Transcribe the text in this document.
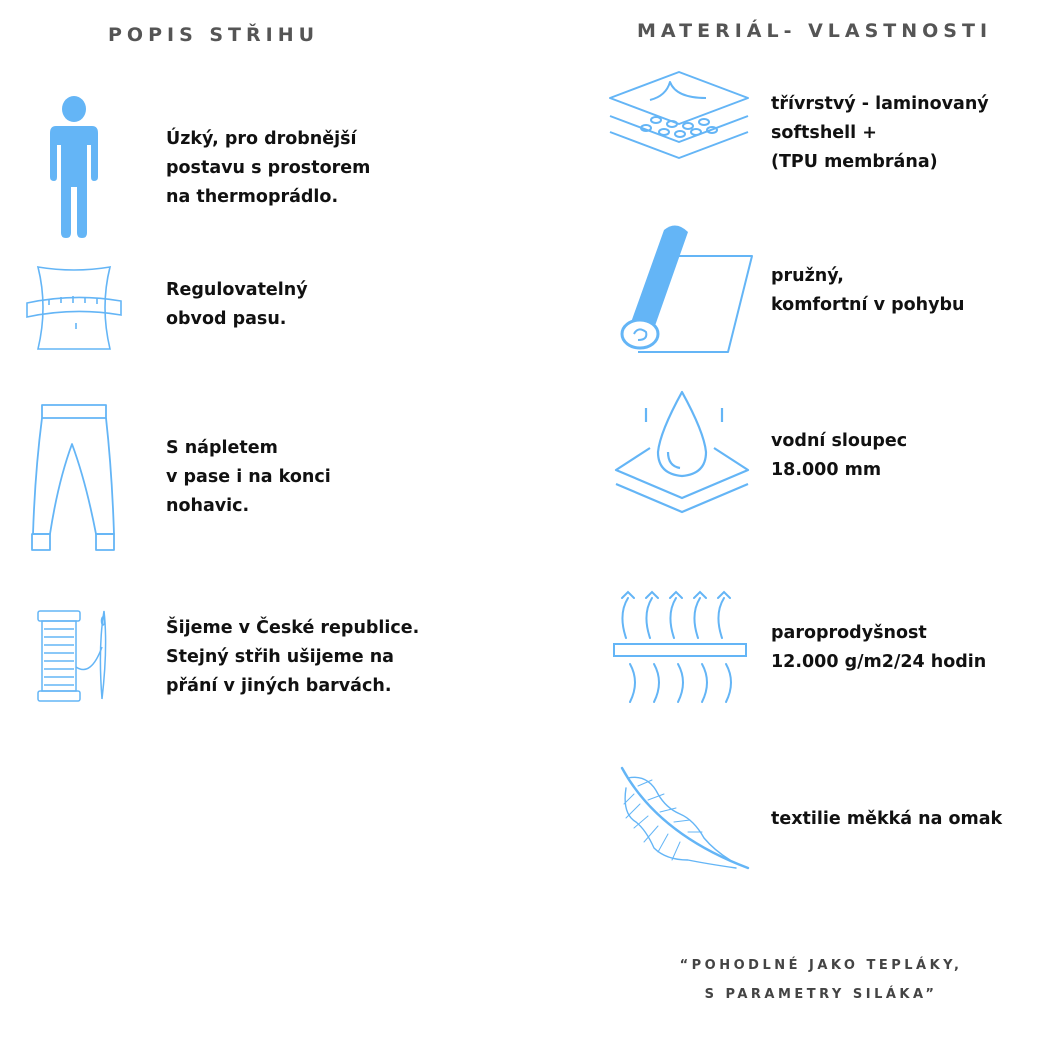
POPIS STŘIHU

Úzký, pro drobnější
postavu s prostorem
na thermoprádlo.

Regulovatelný
obvod pasu.

S nápletem
v pase i na konci
nohavic.

Šijeme v České republice.
Stejný střih ušijeme na
přání v jiných barvách.

MATERIÁL- VLASTNOSTI

třívrstvý - laminovaný
softshell +
(TPU membrána)

pružný,
komfortní v pohybu

vodní sloupec
18.000 mm

paroprodyšnost
12.000 g/m2/24 hodin

textilie měkká na omak

“POHODLNÉ JAKO TEPLÁKY,
S PARAMETRY SILÁKA”
